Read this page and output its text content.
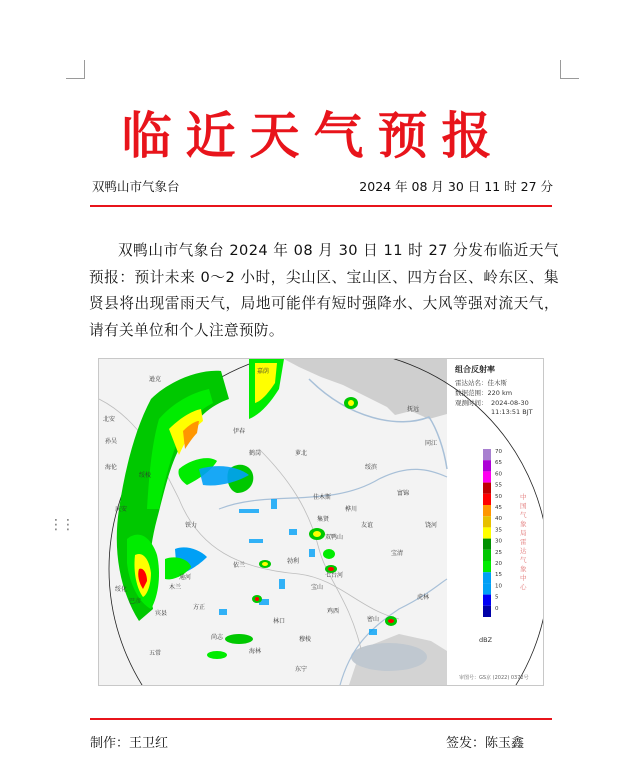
临近天气预报
双鸭山市气象台	2024 年 08 月 30 日 11 时 27 分
双鸭山市气象台 2024 年 08 月 30 日 11 时 27 分发布临近天气预报：预计未来 0～2 小时，尖山区、宝山区、四方台区、岭东区、集贤县将出现雷雨天气，局地可能伴有短时强降水、大风等强对流天气，请有关单位和个人注意预防。
⋮⋮
逊克
嘉荫
北安
孙吴
伊春
鹤岗	萝北
绥滨
同江
富锦
佳木斯
桦川
集贤
友谊
双鸭山
宝清
饶河
勃利
七台河
宝山
鸡西
密山
虎林
海林
林口
穆棱
东宁
庆安
绥棱
铁力
方正
依兰
通河
木兰
五常
尚志
宾县
巴彦
绥化
海伦
抚远
组合反射率
雷达站名：佳木斯
数据范围：220 km
观测时间： 2024-08-30
11:13:51 BJT
70
65
60
55
50
45
40
35
30
25
20
15
10
5
0
dBZ
中国气象局雷达气象中心
审图号：GS京 (2022) 0372号
制作：王卫红	签发：陈玉鑫
